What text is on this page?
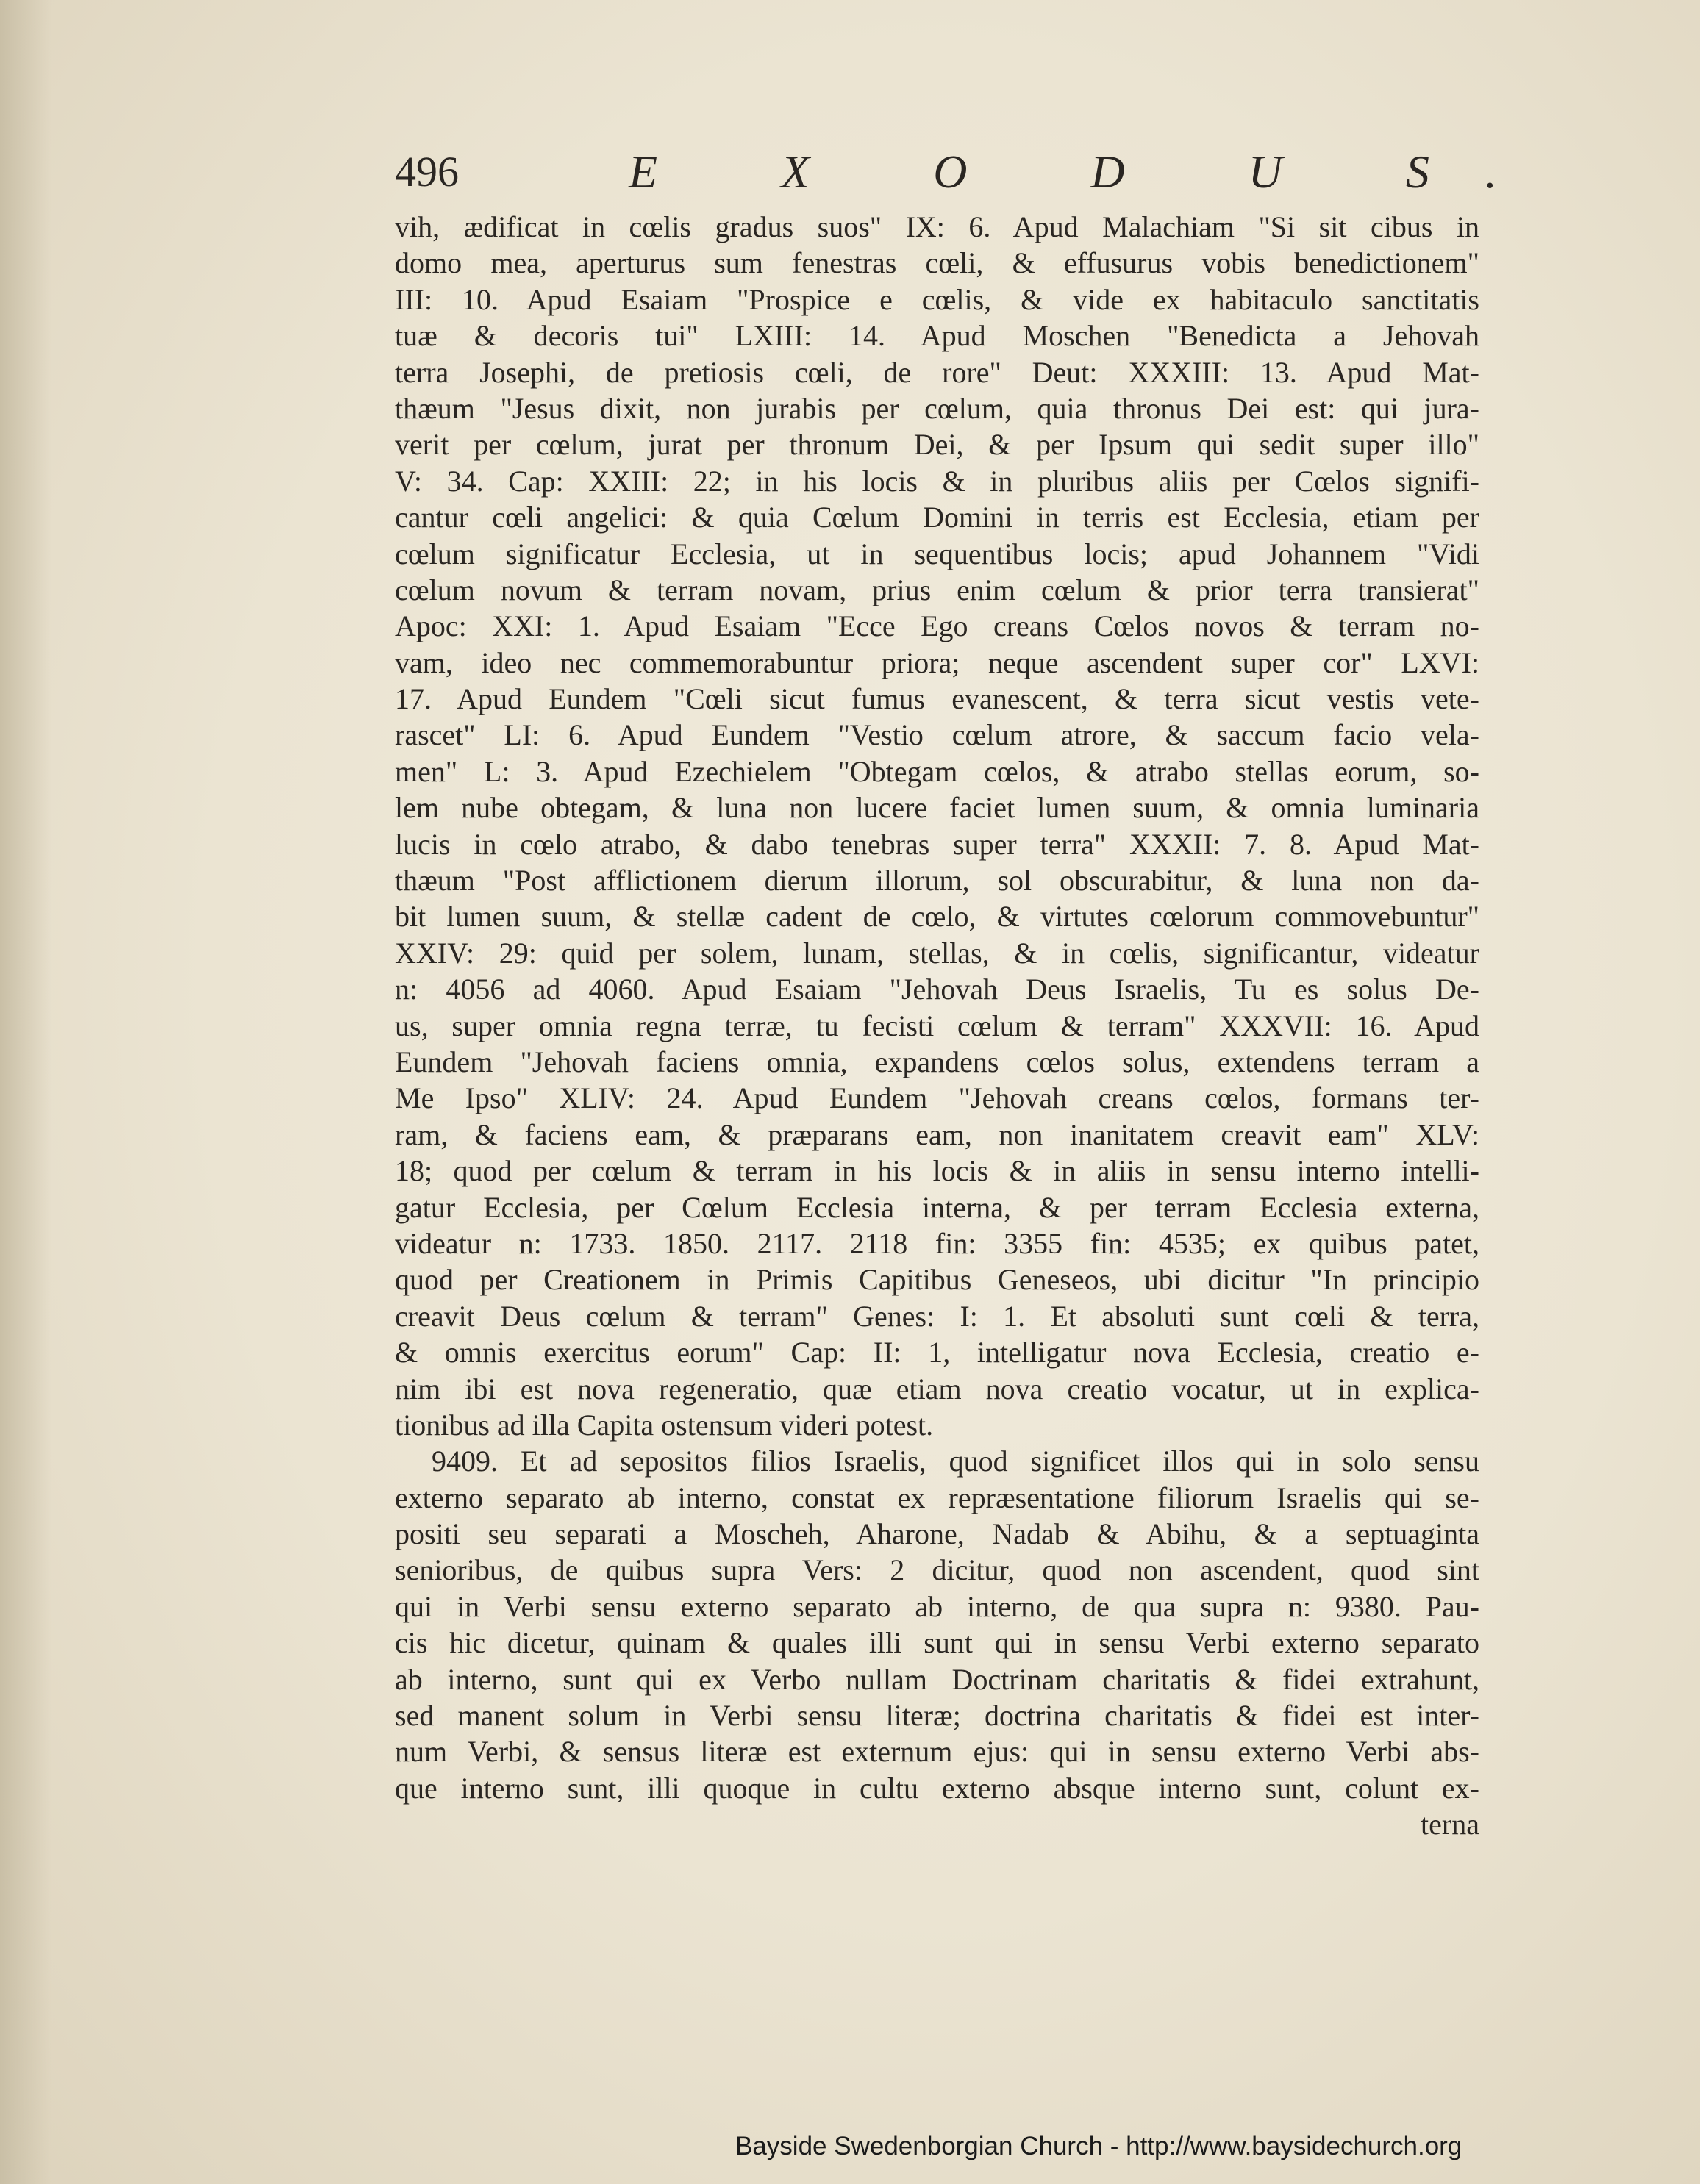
496	E X O D U S.
vih, ædificat in cœlis gradus suos" IX: 6. Apud Malachiam "Si sit cibus in
domo mea, aperturus sum fenestras cœli, & effusurus vobis benedictionem"
III: 10. Apud Esaiam "Prospice e cœlis, & vide ex habitaculo sanctitatis
tuæ & decoris tui" LXIII: 14. Apud Moschen "Benedicta a Jehovah
terra Josephi, de pretiosis cœli, de rore" Deut: XXXIII: 13. Apud Mat-
thæum "Jesus dixit, non jurabis per cœlum, quia thronus Dei est: qui jura-
verit per cœlum, jurat per thronum Dei, & per Ipsum qui sedit super illo"
V: 34. Cap: XXIII: 22; in his locis & in pluribus aliis per Cœlos signifi-
cantur cœli angelici: & quia Cœlum Domini in terris est Ecclesia, etiam per
cœlum significatur Ecclesia, ut in sequentibus locis; apud Johannem "Vidi
cœlum novum & terram novam, prius enim cœlum & prior terra transierat"
Apoc: XXI: 1. Apud Esaiam "Ecce Ego creans Cœlos novos & terram no-
vam, ideo nec commemorabuntur priora; neque ascendent super cor" LXVI:
17. Apud Eundem "Cœli sicut fumus evanescent, & terra sicut vestis vete-
rascet" LI: 6. Apud Eundem "Vestio cœlum atrore, & saccum facio vela-
men" L: 3. Apud Ezechielem "Obtegam cœlos, & atrabo stellas eorum, so-
lem nube obtegam, & luna non lucere faciet lumen suum, & omnia luminaria
lucis in cœlo atrabo, & dabo tenebras super terra" XXXII: 7. 8. Apud Mat-
thæum "Post afflictionem dierum illorum, sol obscurabitur, & luna non da-
bit lumen suum, & stellæ cadent de cœlo, & virtutes cœlorum commovebuntur"
XXIV: 29: quid per solem, lunam, stellas, & in cœlis, significantur, videatur
n: 4056 ad 4060. Apud Esaiam "Jehovah Deus Israelis, Tu es solus De-
us, super omnia regna terræ, tu fecisti cœlum & terram" XXXVII: 16. Apud
Eundem "Jehovah faciens omnia, expandens cœlos solus, extendens terram a
Me Ipso" XLIV: 24. Apud Eundem "Jehovah creans cœlos, formans ter-
ram, & faciens eam, & præparans eam, non inanitatem creavit eam" XLV:
18; quod per cœlum & terram in his locis & in aliis in sensu interno intelli-
gatur Ecclesia, per Cœlum Ecclesia interna, & per terram Ecclesia externa,
videatur n: 1733. 1850. 2117. 2118 fin: 3355 fin: 4535; ex quibus patet,
quod per Creationem in Primis Capitibus Geneseos, ubi dicitur "In principio
creavit Deus cœlum & terram" Genes: I: 1. Et absoluti sunt cœli & terra,
& omnis exercitus eorum" Cap: II: 1, intelligatur nova Ecclesia, creatio e-
nim ibi est nova regeneratio, quæ etiam nova creatio vocatur, ut in explica-
tionibus ad illa Capita ostensum videri potest.
9409. Et ad sepositos filios Israelis, quod significet illos qui in solo sensu
externo separato ab interno, constat ex repræsentatione filiorum Israelis qui se-
positi seu separati a Moscheh, Aharone, Nadab & Abihu, & a septuaginta
senioribus, de quibus supra Vers: 2 dicitur, quod non ascendent, quod sint
qui in Verbi sensu externo separato ab interno, de qua supra n: 9380. Pau-
cis hic dicetur, quinam & quales illi sunt qui in sensu Verbi externo separato
ab interno, sunt qui ex Verbo nullam Doctrinam charitatis & fidei extrahunt,
sed manent solum in Verbi sensu literæ; doctrina charitatis & fidei est inter-
num Verbi, & sensus literæ est externum ejus: qui in sensu externo Verbi abs-
que interno sunt, illi quoque in cultu externo absque interno sunt, colunt ex-
terna
Bayside Swedenborgian Church - http://www.baysidechurch.org
